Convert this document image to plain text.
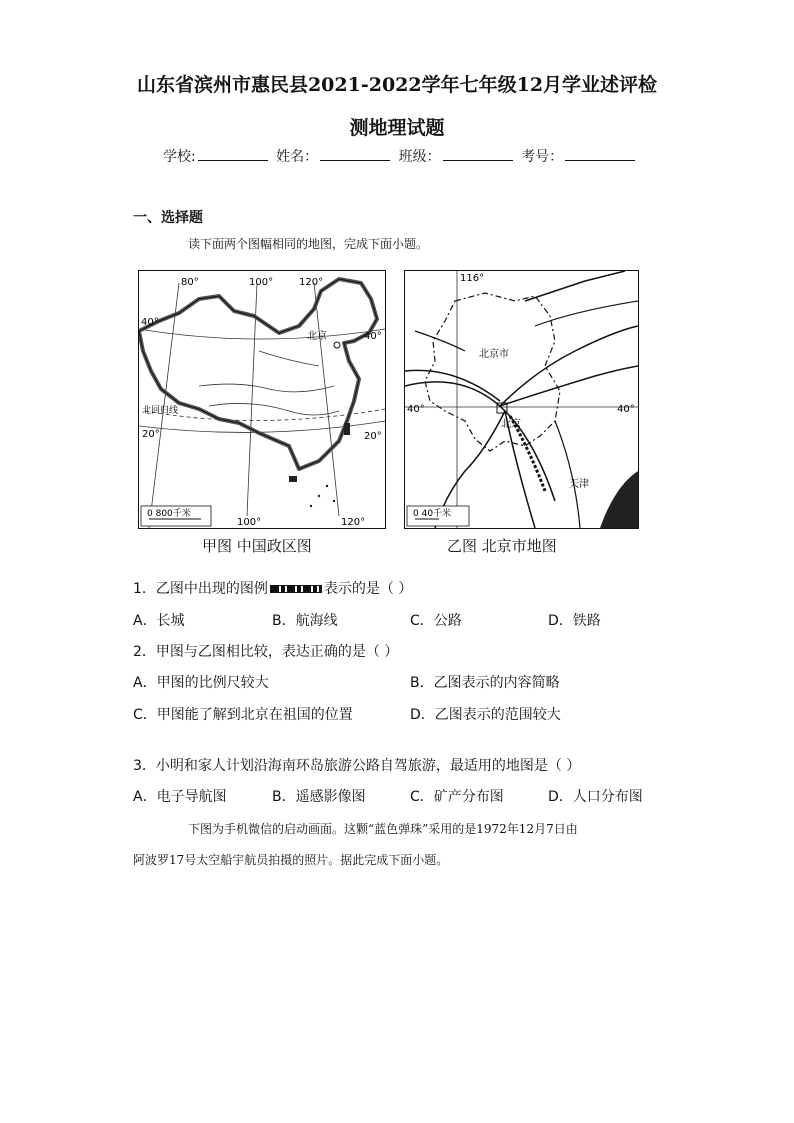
山东省滨州市惠民县2021-2022学年七年级12月学业述评检
测地理试题
学校:	姓名：	班级：	考号：
一、选择题
读下面两个图幅相同的地图，完成下面小题。
80°	100°	120°
40°
40°
北京
北回归线
20°	20°
0 800千米
100°	120°
116°
北京市
40°	40°
北京
天津
0 40千米
甲图 中国政区图	乙图 北京市地图
1．乙图中出现的图例	表示的是（ ）
A．长城	B．航海线	C．公路	D．铁路
2．甲图与乙图相比较，表达正确的是（ ）
A．甲图的比例尺较大	B．乙图表示的内容简略
C．甲图能了解到北京在祖国的位置	D．乙图表示的范围较大
3．小明和家人计划沿海南环岛旅游公路自驾旅游，最适用的地图是（ ）
A．电子导航图	B．遥感影像图	C．矿产分布图	D．人口分布图
下图为手机微信的启动画面。这颗“蓝色弹珠”采用的是1972年12月7日由
阿波罗17号太空船宇航员拍摄的照片。据此完成下面小题。
